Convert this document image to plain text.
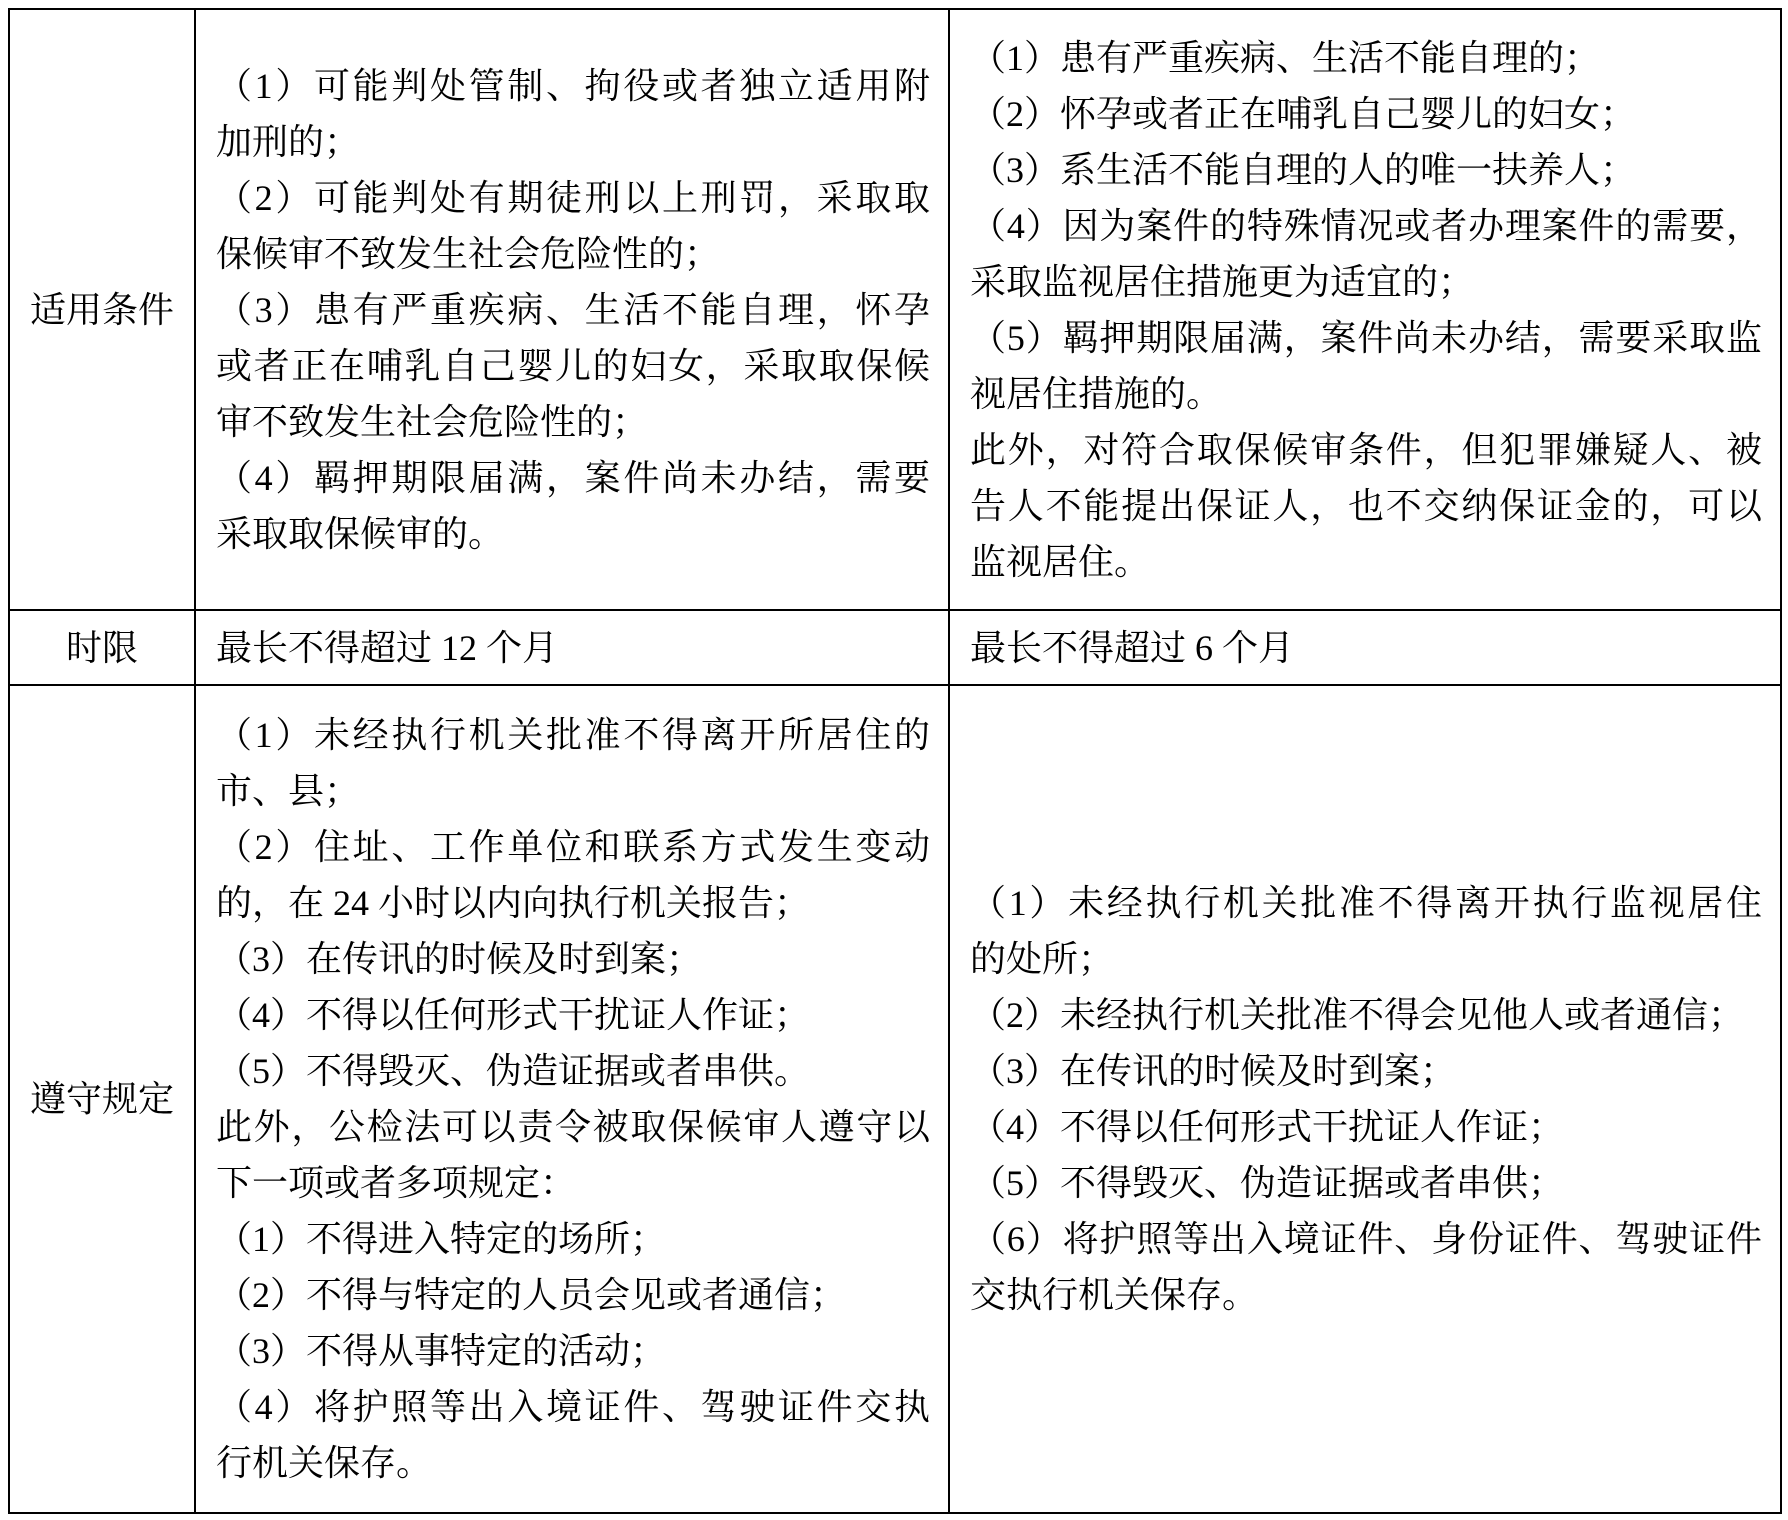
适用条件
（1）可能判处管制、拘役或者独立适用附
加刑的；
（2）可能判处有期徒刑以上刑罚，采取取
保候审不致发生社会危险性的；
（3）患有严重疾病、生活不能自理，怀孕
或者正在哺乳自己婴儿的妇女，采取取保候
审不致发生社会危险性的；
（4）羁押期限届满，案件尚未办结，需要
采取取保候审的。
（1）患有严重疾病、生活不能自理的；
（2）怀孕或者正在哺乳自己婴儿的妇女；
（3）系生活不能自理的人的唯一扶养人；
（4）因为案件的特殊情况或者办理案件的需要，
采取监视居住措施更为适宜的；
（5）羁押期限届满，案件尚未办结，需要采取监
视居住措施的。
此外，对符合取保候审条件，但犯罪嫌疑人、被
告人不能提出保证人，也不交纳保证金的，可以
监视居住。
时限 最长不得超过 12 个月	最长不得超过 6 个月
遵守规定
（1）未经执行机关批准不得离开所居住的
市、县；
（2）住址、工作单位和联系方式发生变动
的，在 24 小时以内向执行机关报告；
（3）在传讯的时候及时到案；
（4）不得以任何形式干扰证人作证；
（5）不得毁灭、伪造证据或者串供。
此外，公检法可以责令被取保候审人遵守以
下一项或者多项规定：
（1）不得进入特定的场所；
（2）不得与特定的人员会见或者通信；
（3）不得从事特定的活动；
（4）将护照等出入境证件、驾驶证件交执
行机关保存。
（1）未经执行机关批准不得离开执行监视居住
的处所；
（2）未经执行机关批准不得会见他人或者通信；
（3）在传讯的时候及时到案；
（4）不得以任何形式干扰证人作证；
（5）不得毁灭、伪造证据或者串供；
（6）将护照等出入境证件、身份证件、驾驶证件
交执行机关保存。
